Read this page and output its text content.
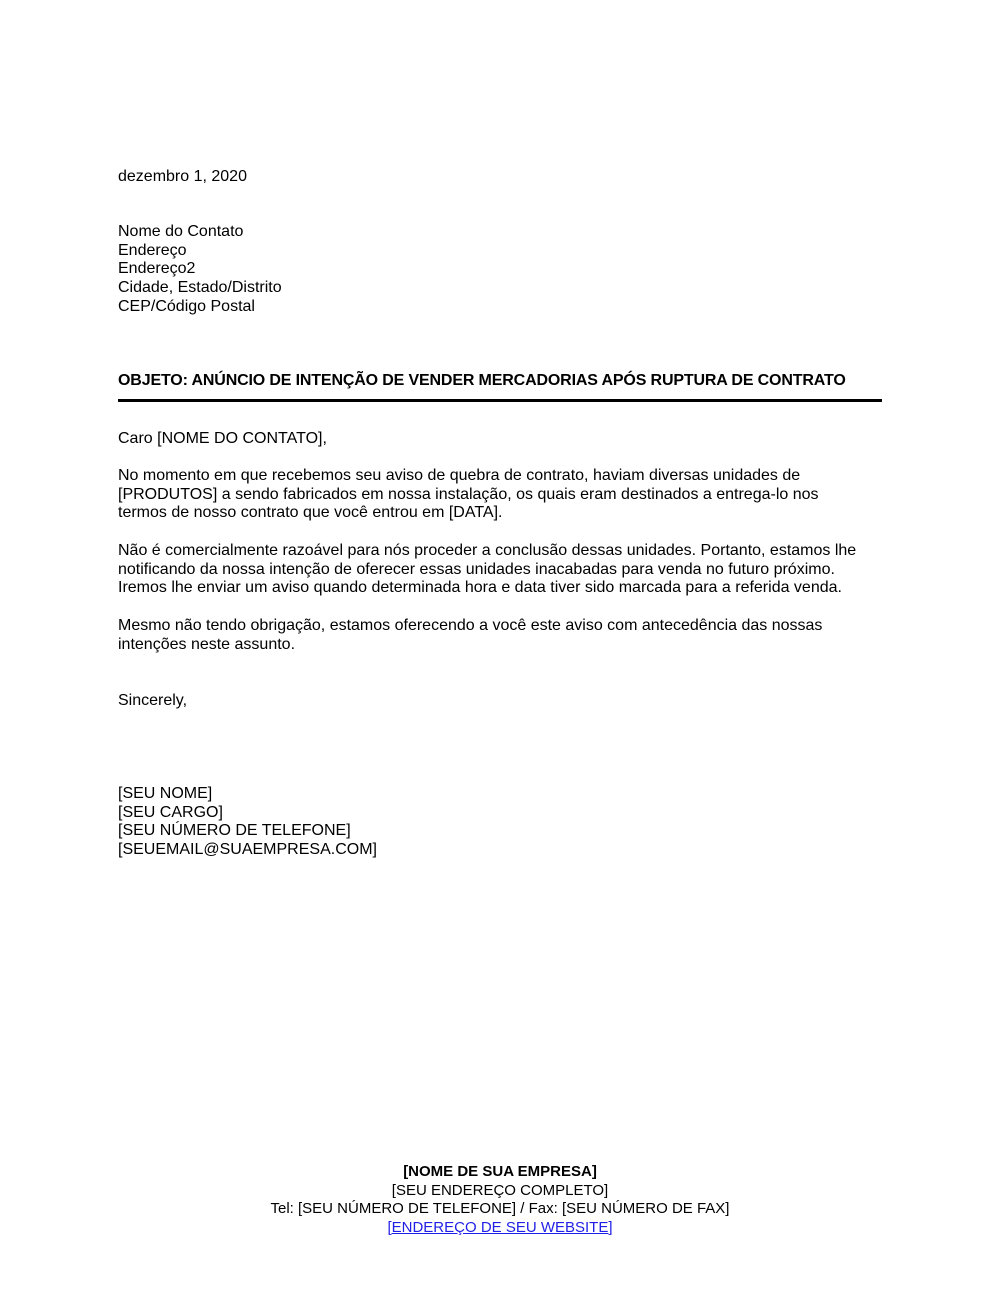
dezembro 1, 2020
Nome do Contato
Endereço
Endereço2
Cidade, Estado/Distrito
CEP/Código Postal
OBJETO: ANÚNCIO DE INTENÇÃO DE VENDER MERCADORIAS APÓS RUPTURA DE CONTRATO
Caro [NOME DO CONTATO],
No momento em que recebemos seu aviso de quebra de contrato, haviam diversas unidades de
[PRODUTOS] a sendo fabricados em nossa instalação, os quais eram destinados a entrega-lo nos
termos de nosso contrato que você entrou em [DATA].
Não é comercialmente razoável para nós proceder a conclusão dessas unidades. Portanto, estamos lhe
notificando da nossa intenção de oferecer essas unidades inacabadas para venda no futuro próximo.
Iremos lhe enviar um aviso quando determinada hora e data tiver sido marcada para a referida venda.
Mesmo não tendo obrigação, estamos oferecendo a você este aviso com antecedência das nossas
intenções neste assunto.
Sincerely,
[SEU NOME]
[SEU CARGO]
[SEU NÚMERO DE TELEFONE]
[SEUEMAIL@SUAEMPRESA.COM]
[NOME DE SUA EMPRESA]
[SEU ENDEREÇO COMPLETO]
Tel: [SEU NÚMERO DE TELEFONE] / Fax: [SEU NÚMERO DE FAX]
[ENDEREÇO DE SEU WEBSITE]
